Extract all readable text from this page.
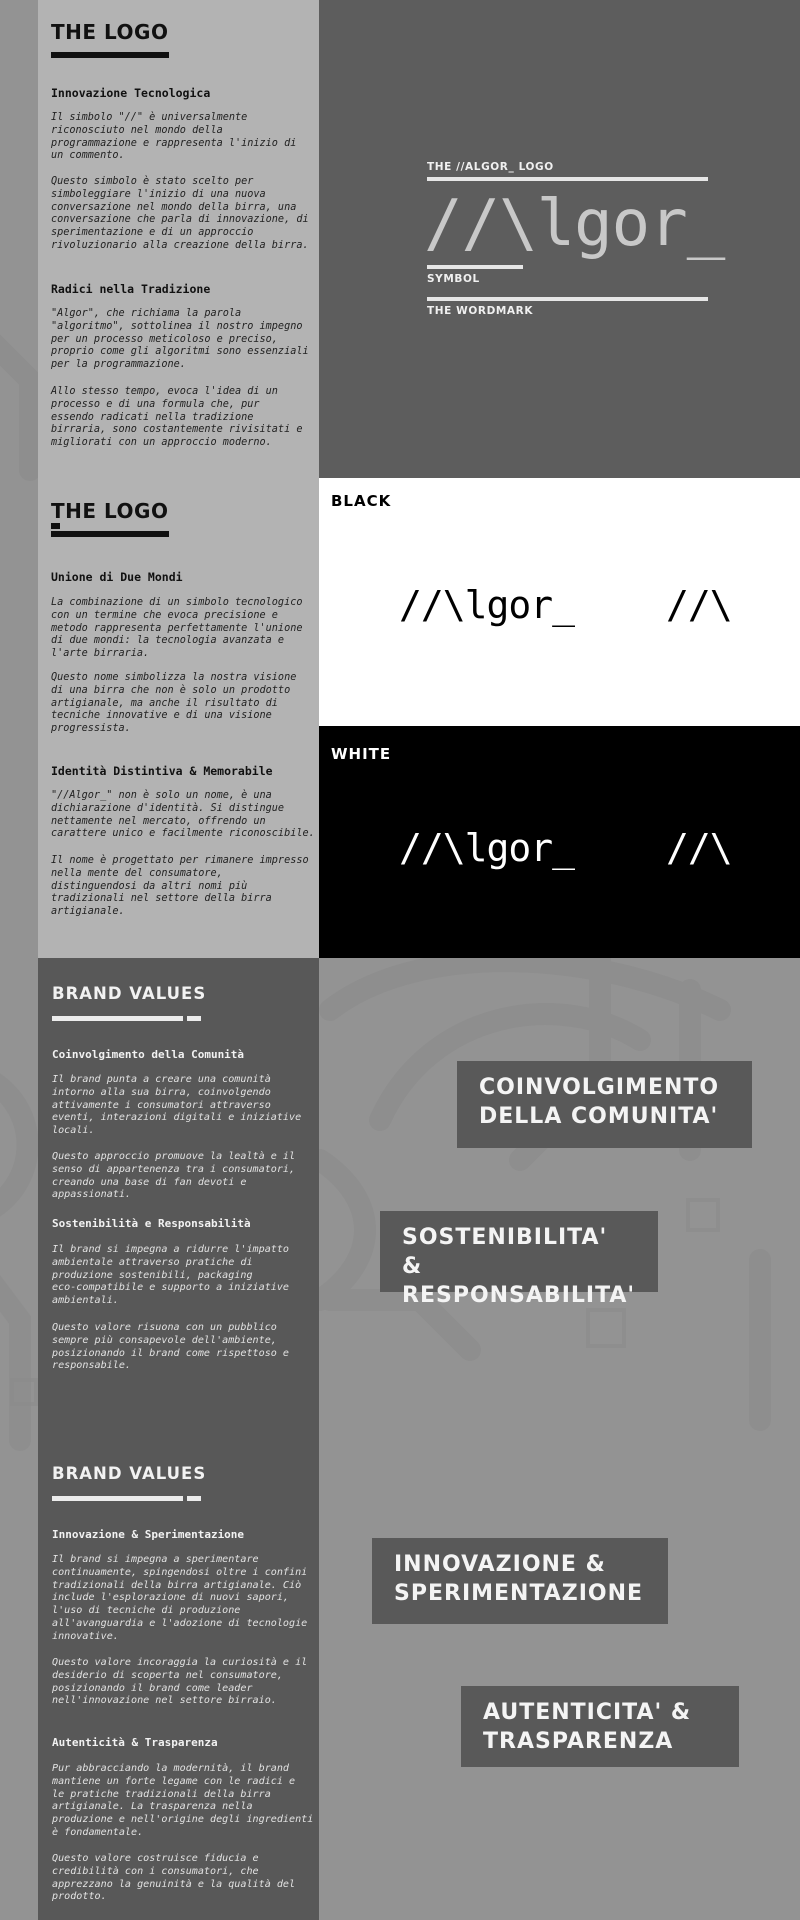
THE LOGO
Innovazione Tecnologica
Il simbolo "//" è universalmente
riconosciuto nel mondo della
programmazione e rappresenta l'inizio di
un commento.
Questo simbolo è stato scelto per
simboleggiare l'inizio di una nuova
conversazione nel mondo della birra, una
conversazione che parla di innovazione, di
sperimentazione e di un approccio
rivoluzionario alla creazione della birra.
Radici nella Tradizione
"Algor", che richiama la parola
"algoritmo", sottolinea il nostro impegno
per un processo meticoloso e preciso,
proprio come gli algoritmi sono essenziali
per la programmazione.
Allo stesso tempo, evoca l'idea di un
processo e di una formula che, pur
essendo radicati nella tradizione
birraria, sono costantemente rivisitati e
migliorati con un approccio moderno.
THE //ALGOR_ LOGO
//\lgor_
SYMBOL
THE WORDMARK
THE LOGO
Unione di Due Mondi
La combinazione di un simbolo tecnologico
con un termine che evoca precisione e
metodo rappresenta perfettamente l'unione
di due mondi: la tecnologia avanzata e
l'arte birraria.
Questo nome simbolizza la nostra visione
di una birra che non è solo un prodotto
artigianale, ma anche il risultato di
tecniche innovative e di una visione
progressista.
Identità Distintiva & Memorabile
"//Algor_" non è solo un nome, è una
dichiarazione d'identità. Si distingue
nettamente nel mercato, offrendo un
carattere unico e facilmente riconoscibile.
Il nome è progettato per rimanere impresso
nella mente del consumatore,
distinguendosi da altri nomi più
tradizionali nel settore della birra
artigianale.
BLACK
//\lgor_ //\
WHITE
//\lgor_ //\
BRAND VALUES
Coinvolgimento della Comunità
Il brand punta a creare una comunità
intorno alla sua birra, coinvolgendo
attivamente i consumatori attraverso
eventi, interazioni digitali e iniziative
locali.
Questo approccio promuove la lealtà e il
senso di appartenenza tra i consumatori,
creando una base di fan devoti e
appassionati.
Sostenibilità e Responsabilità
Il brand si impegna a ridurre l'impatto
ambientale attraverso pratiche di
produzione sostenibili, packaging
eco-compatibile e supporto a iniziative
ambientali.
Questo valore risuona con un pubblico
sempre più consapevole dell'ambiente,
posizionando il brand come rispettoso e
responsabile.
COINVOLGIMENTO
DELLA COMUNITA'
SOSTENIBILITA' &
RESPONSABILITA'
BRAND VALUES
Innovazione & Sperimentazione
Il brand si impegna a sperimentare
continuamente, spingendosi oltre i confini
tradizionali della birra artigianale. Ciò
include l'esplorazione di nuovi sapori,
l'uso di tecniche di produzione
all'avanguardia e l'adozione di tecnologie
innovative.
Questo valore incoraggia la curiosità e il
desiderio di scoperta nel consumatore,
posizionando il brand come leader
nell'innovazione nel settore birraio.
Autenticità & Trasparenza
Pur abbracciando la modernità, il brand
mantiene un forte legame con le radici e
le pratiche tradizionali della birra
artigianale. La trasparenza nella
produzione e nell'origine degli ingredienti
è fondamentale.
Questo valore costruisce fiducia e
credibilità con i consumatori, che
apprezzano la genuinità e la qualità del
prodotto.
INNOVAZIONE &
SPERIMENTAZIONE
AUTENTICITA' &
TRASPARENZA
